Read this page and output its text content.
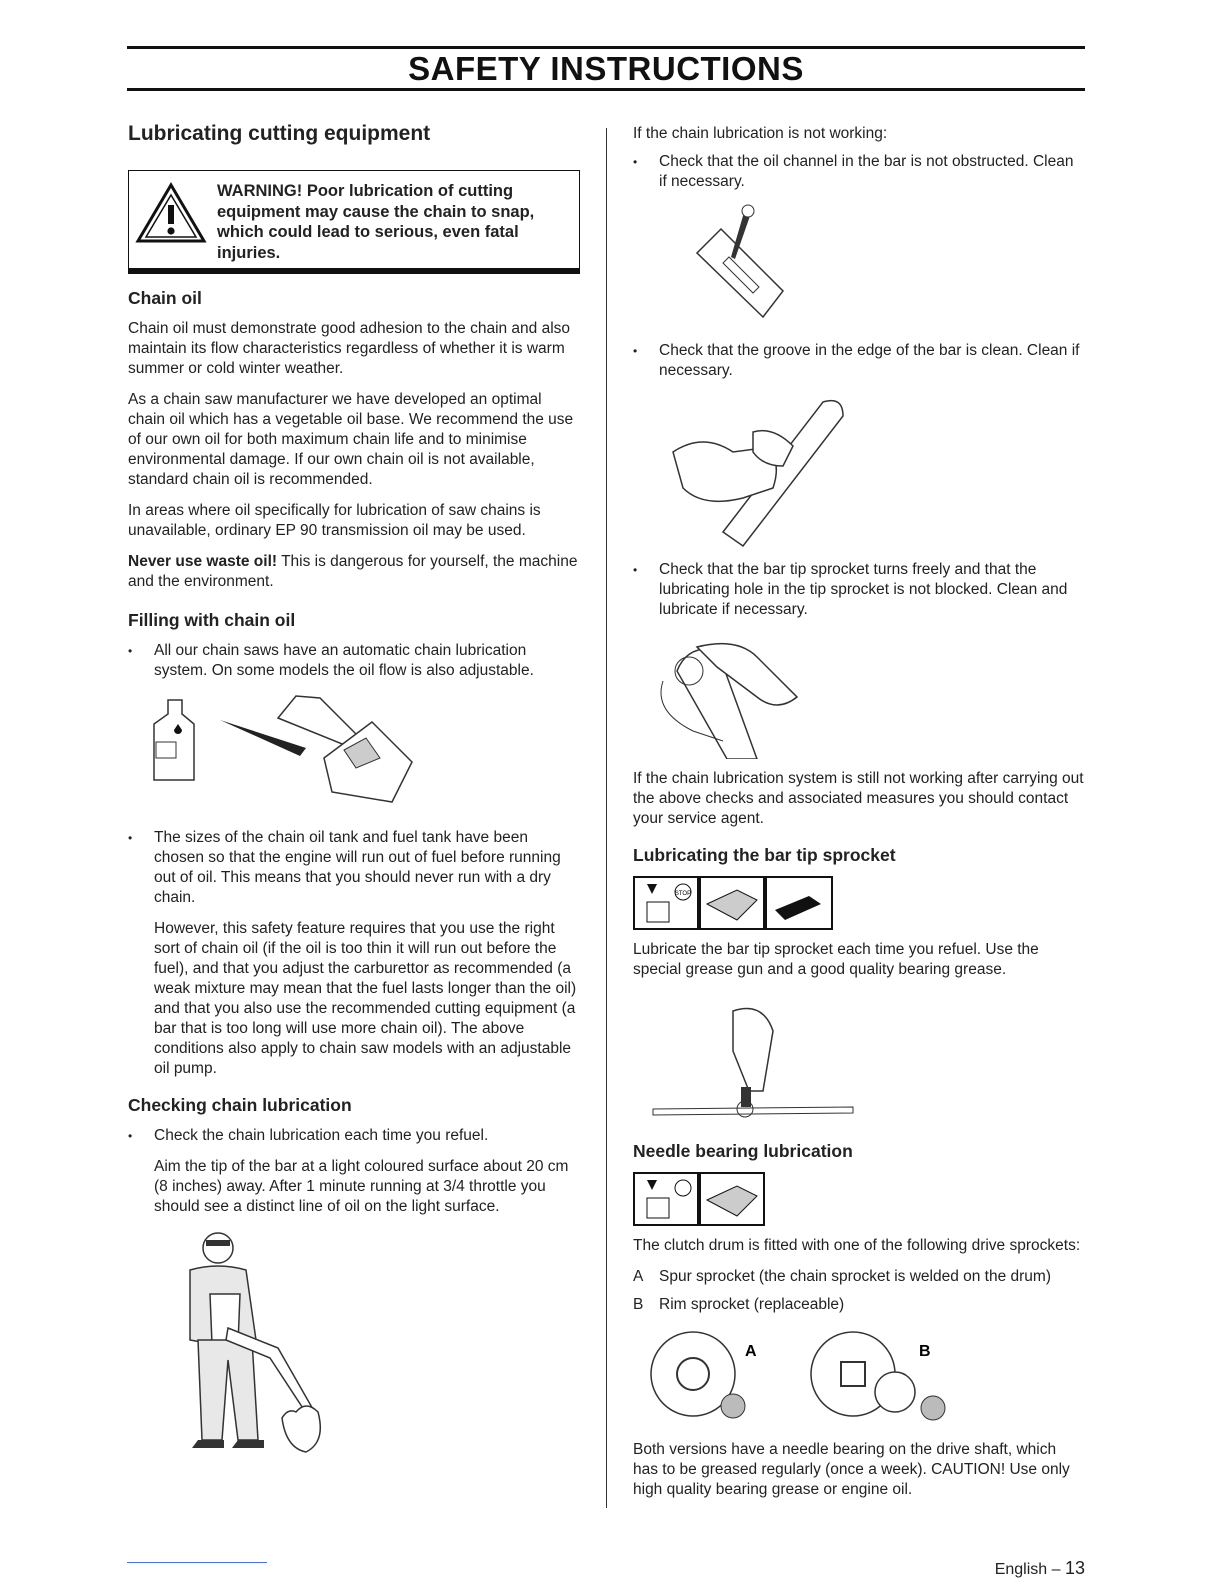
SAFETY INSTRUCTIONS
Lubricating cutting equipment
WARNING! Poor lubrication of cutting equipment may cause the chain to snap, which could lead to serious, even fatal injuries.
Chain oil

Chain oil must demonstrate good adhesion to the chain and also maintain its flow characteristics regardless of whether it is warm summer or cold winter weather.

As a chain saw manufacturer we have developed an optimal chain oil which has a vegetable oil base. We recommend the use of our own oil for both maximum chain life and to minimise environmental damage. If our own chain oil is not available, standard chain oil is recommended.

In areas where oil specifically for lubrication of saw chains is unavailable, ordinary EP 90 transmission oil may be used.

Never use waste oil! This is dangerous for yourself, the machine and the environment.

Filling with chain oil
• All our chain saws have an automatic chain lubrication system. On some models the oil flow is also adjustable.
• The sizes of the chain oil tank and fuel tank have been chosen so that the engine will run out of fuel before running out of oil. This means that you should never run with a dry chain.

However, this safety feature requires that you use the right sort of chain oil (if the oil is too thin it will run out before the fuel), and that you adjust the carburettor as recommended (a weak mixture may mean that the fuel lasts longer than the oil) and that you also use the recommended cutting equipment (a bar that is too long will use more chain oil). The above conditions also apply to chain saw models with an adjustable oil pump.

Checking chain lubrication
• Check the chain lubrication each time you refuel.

Aim the tip of the bar at a light coloured surface about 20 cm (8 inches) away. After 1 minute running at 3/4 throttle you should see a distinct line of oil on the light surface.

If the chain lubrication is not working:

• Check that the oil channel in the bar is not obstructed. Clean if necessary.
• Check that the groove in the edge of the bar is clean. Clean if necessary.
• Check that the bar tip sprocket turns freely and that the lubricating hole in the tip sprocket is not blocked. Clean and lubricate if necessary.

If the chain lubrication system is still not working after carrying out the above checks and associated measures you should contact your service agent.

Lubricating the bar tip sprocket
STOP

Lubricate the bar tip sprocket each time you refuel. Use the special grease gun and a good quality bearing grease.

Needle bearing lubrication

The clutch drum is fitted with one of the following drive sprockets:

A Spur sprocket (the chain sprocket is welded on the drum)

B Rim sprocket (replaceable)

A	B

Both versions have a needle bearing on the drive shaft, which has to be greased regularly (once a week). CAUTION! Use only high quality bearing grease or engine oil.

English – 13
